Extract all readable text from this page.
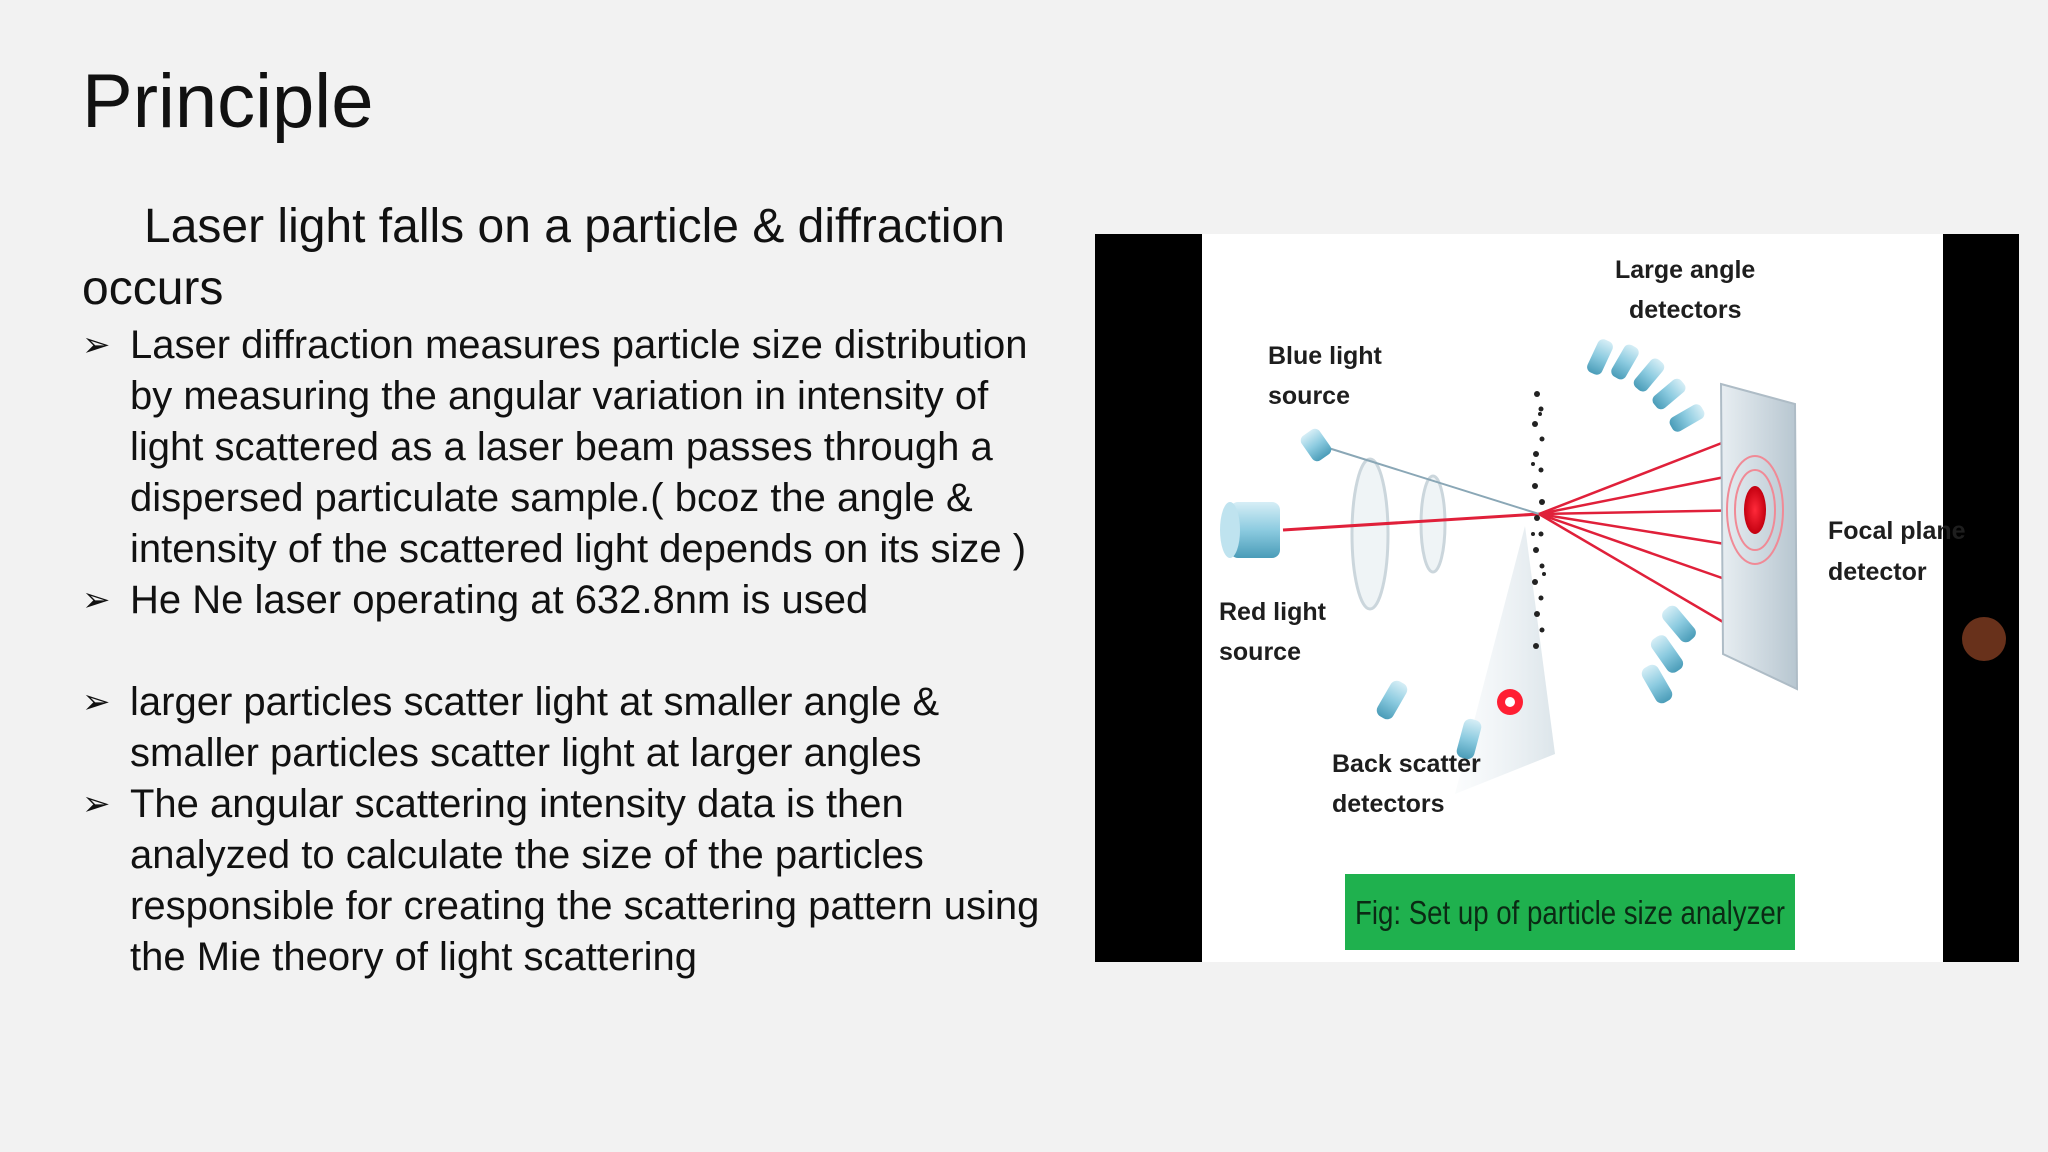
Principle

Laser light falls on a particle & diffraction occurs

➢ Laser diffraction measures particle size distribution by measuring the angular variation in intensity of light scattered as a laser beam passes through a dispersed particulate sample.( bcoz the angle & intensity of the scattered light depends on its size )
➢ He Ne laser operating at 632.8nm is used
➢ larger particles scatter light at smaller angle & smaller particles scatter light at larger angles
➢ The angular scattering intensity data is then analyzed to calculate the size of the particles responsible for creating the scattering pattern using the Mie theory of light scattering
Large angle
detectors
Blue light
source
Focal plane
detector
Red light
source
Back scatter
detectors
Fig: Set up of particle size analyzer
